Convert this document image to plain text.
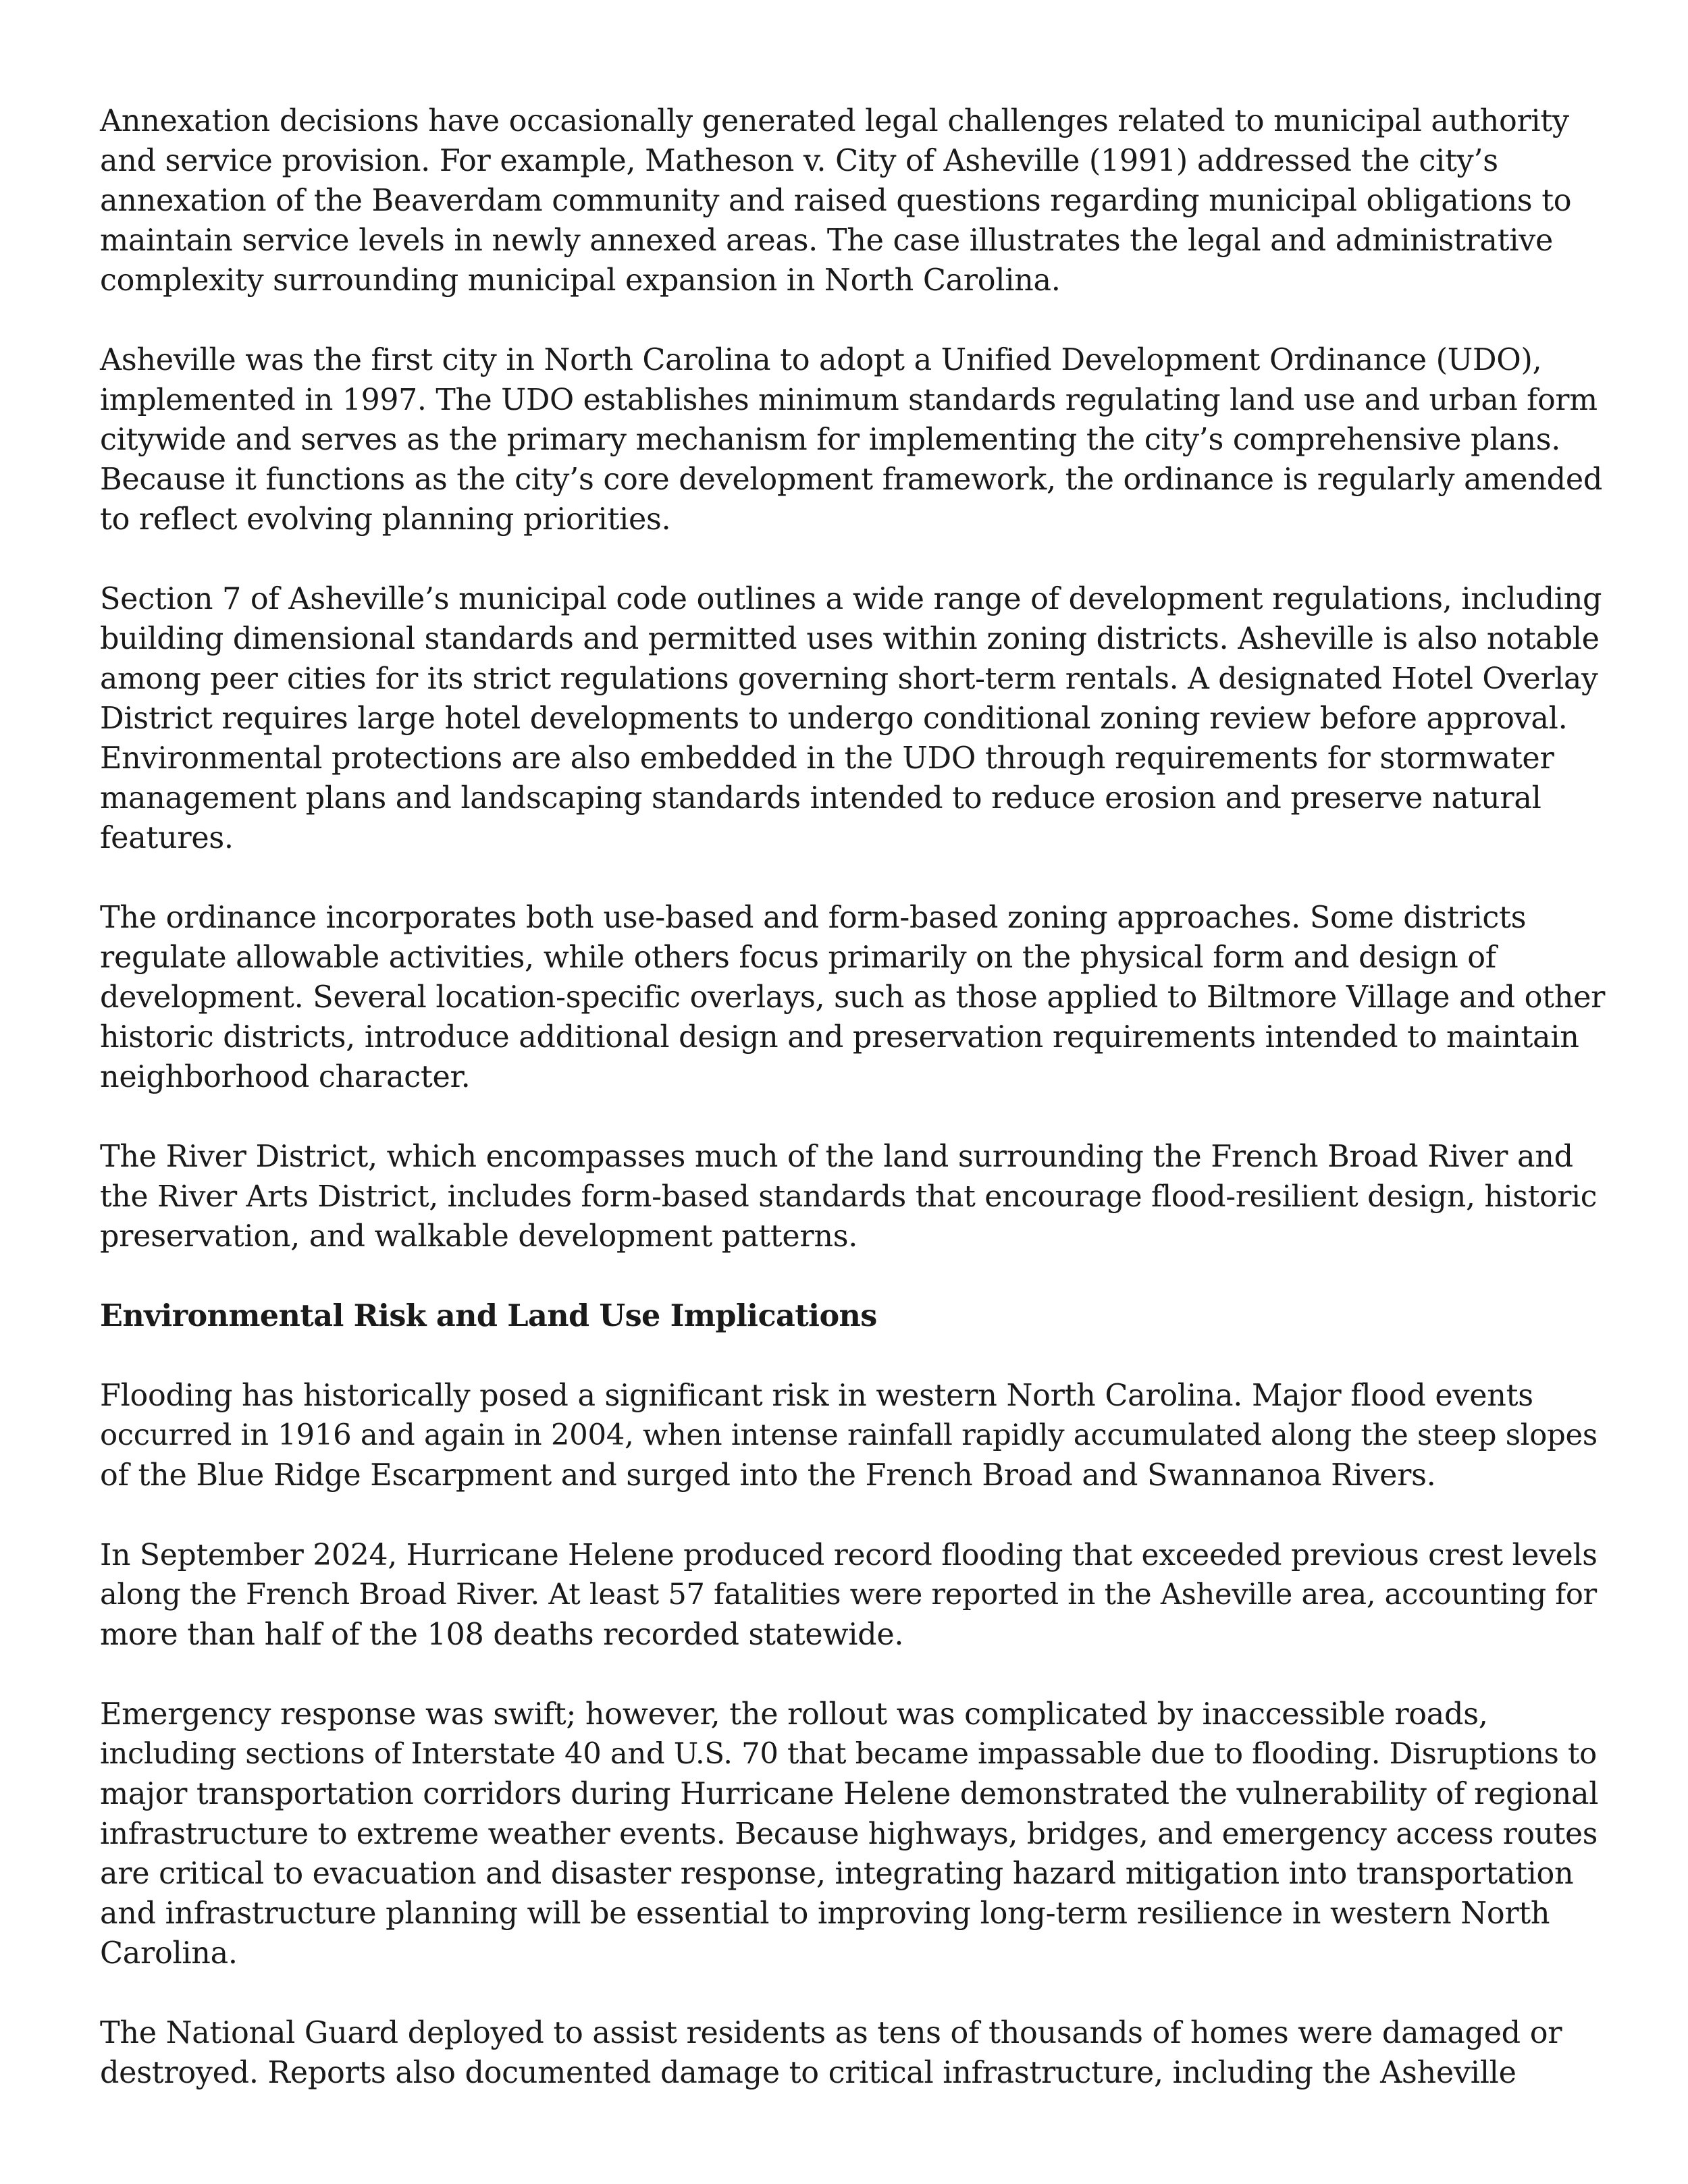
Annexation decisions have occasionally generated legal challenges related to municipal authority
and service provision. For example, Matheson v. City of Asheville (1991) addressed the city’s
annexation of the Beaverdam community and raised questions regarding municipal obligations to
maintain service levels in newly annexed areas. The case illustrates the legal and administrative
complexity surrounding municipal expansion in North Carolina.
Asheville was the first city in North Carolina to adopt a Unified Development Ordinance (UDO),
implemented in 1997. The UDO establishes minimum standards regulating land use and urban form
citywide and serves as the primary mechanism for implementing the city’s comprehensive plans.
Because it functions as the city’s core development framework, the ordinance is regularly amended
to reflect evolving planning priorities.
Section 7 of Asheville’s municipal code outlines a wide range of development regulations, including
building dimensional standards and permitted uses within zoning districts. Asheville is also notable
among peer cities for its strict regulations governing short-term rentals. A designated Hotel Overlay
District requires large hotel developments to undergo conditional zoning review before approval.
Environmental protections are also embedded in the UDO through requirements for stormwater
management plans and landscaping standards intended to reduce erosion and preserve natural
features.
The ordinance incorporates both use-based and form-based zoning approaches. Some districts
regulate allowable activities, while others focus primarily on the physical form and design of
development. Several location-specific overlays, such as those applied to Biltmore Village and other
historic districts, introduce additional design and preservation requirements intended to maintain
neighborhood character.
The River District, which encompasses much of the land surrounding the French Broad River and
the River Arts District, includes form-based standards that encourage flood-resilient design, historic
preservation, and walkable development patterns.
Environmental Risk and Land Use Implications
Flooding has historically posed a significant risk in western North Carolina. Major flood events
occurred in 1916 and again in 2004, when intense rainfall rapidly accumulated along the steep slopes
of the Blue Ridge Escarpment and surged into the French Broad and Swannanoa Rivers.
In September 2024, Hurricane Helene produced record flooding that exceeded previous crest levels
along the French Broad River. At least 57 fatalities were reported in the Asheville area, accounting for
more than half of the 108 deaths recorded statewide.
Emergency response was swift; however, the rollout was complicated by inaccessible roads,
including sections of Interstate 40 and U.S. 70 that became impassable due to flooding. Disruptions to
major transportation corridors during Hurricane Helene demonstrated the vulnerability of regional
infrastructure to extreme weather events. Because highways, bridges, and emergency access routes
are critical to evacuation and disaster response, integrating hazard mitigation into transportation
and infrastructure planning will be essential to improving long-term resilience in western North
Carolina.
The National Guard deployed to assist residents as tens of thousands of homes were damaged or
destroyed. Reports also documented damage to critical infrastructure, including the Asheville
